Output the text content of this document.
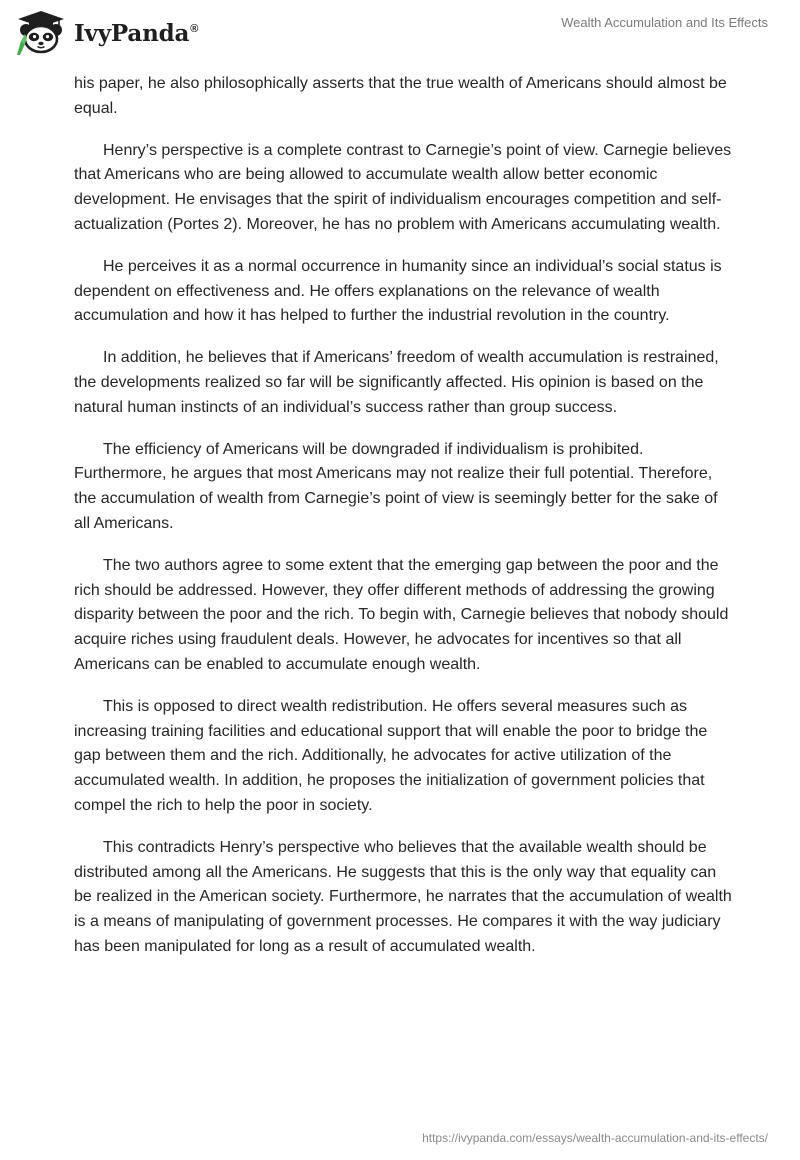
IvyPanda®	Wealth Accumulation and Its Effects

his paper, he also philosophically asserts that the true wealth of Americans should almost be equal.

Henry’s perspective is a complete contrast to Carnegie’s point of view. Carnegie believes that Americans who are being allowed to accumulate wealth allow better economic development. He envisages that the spirit of individualism encourages competition and self-actualization (Portes 2). Moreover, he has no problem with Americans accumulating wealth.

He perceives it as a normal occurrence in humanity since an individual’s social status is dependent on effectiveness and. He offers explanations on the relevance of wealth accumulation and how it has helped to further the industrial revolution in the country.

In addition, he believes that if Americans’ freedom of wealth accumulation is restrained, the developments realized so far will be significantly affected. His opinion is based on the natural human instincts of an individual’s success rather than group success.

The efficiency of Americans will be downgraded if individualism is prohibited. Furthermore, he argues that most Americans may not realize their full potential. Therefore, the accumulation of wealth from Carnegie’s point of view is seemingly better for the sake of all Americans.

The two authors agree to some extent that the emerging gap between the poor and the rich should be addressed. However, they offer different methods of addressing the growing disparity between the poor and the rich. To begin with, Carnegie believes that nobody should acquire riches using fraudulent deals. However, he advocates for incentives so that all Americans can be enabled to accumulate enough wealth.

This is opposed to direct wealth redistribution. He offers several measures such as increasing training facilities and educational support that will enable the poor to bridge the gap between them and the rich. Additionally, he advocates for active utilization of the accumulated wealth. In addition, he proposes the initialization of government policies that compel the rich to help the poor in society.

This contradicts Henry’s perspective who believes that the available wealth should be distributed among all the Americans. He suggests that this is the only way that equality can be realized in the American society. Furthermore, he narrates that the accumulation of wealth is a means of manipulating of government processes. He compares it with the way judiciary has been manipulated for long as a result of accumulated wealth.

https://ivypanda.com/essays/wealth-accumulation-and-its-effects/
